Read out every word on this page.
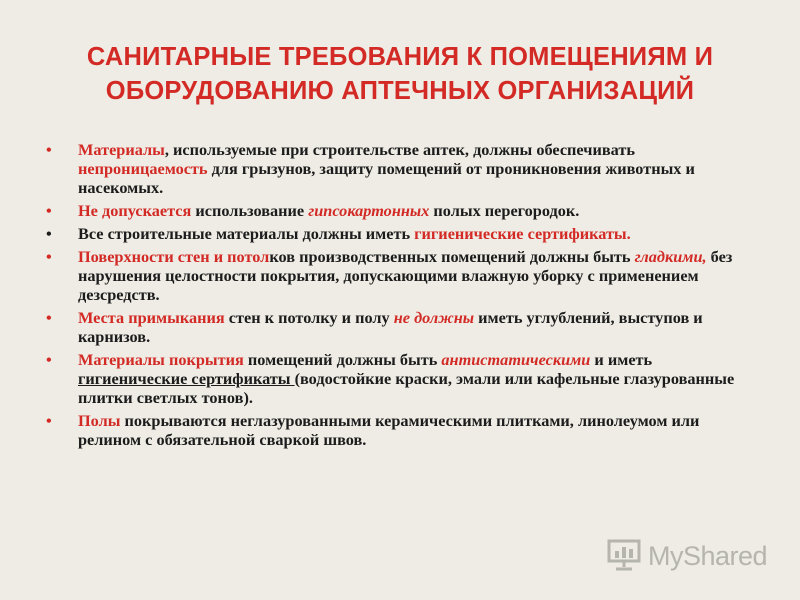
САНИТАРНЫЕ ТРЕБОВАНИЯ К ПОМЕЩЕНИЯМ И
ОБОРУДОВАНИЮ АПТЕЧНЫХ ОРГАНИЗАЦИЙ
• Материалы, используемые при строительстве аптек, должны обеспечивать непроницаемость для грызунов, защиту помещений от проникновения животных и насекомых.
• Не допускается использование гипсокартонных полых перегородок.
• Все строительные материалы должны иметь гигиенические сертификаты.
• Поверхности стен и потолков производственных помещений должны быть гладкими, без нарушения целостности покрытия, допускающими влажную уборку с применением дезсредств.
• Места примыкания стен к потолку и полу не должны иметь углублений, выступов и карнизов.
• Материалы покрытия помещений должны быть антистатическими и иметь гигиенические сертификаты (водостойкие краски, эмали или кафельные глазурованные плитки светлых тонов).
• Полы покрываются неглазурованными керамическими плитками, линолеумом или релином с обязательной сваркой швов.
MyShared
